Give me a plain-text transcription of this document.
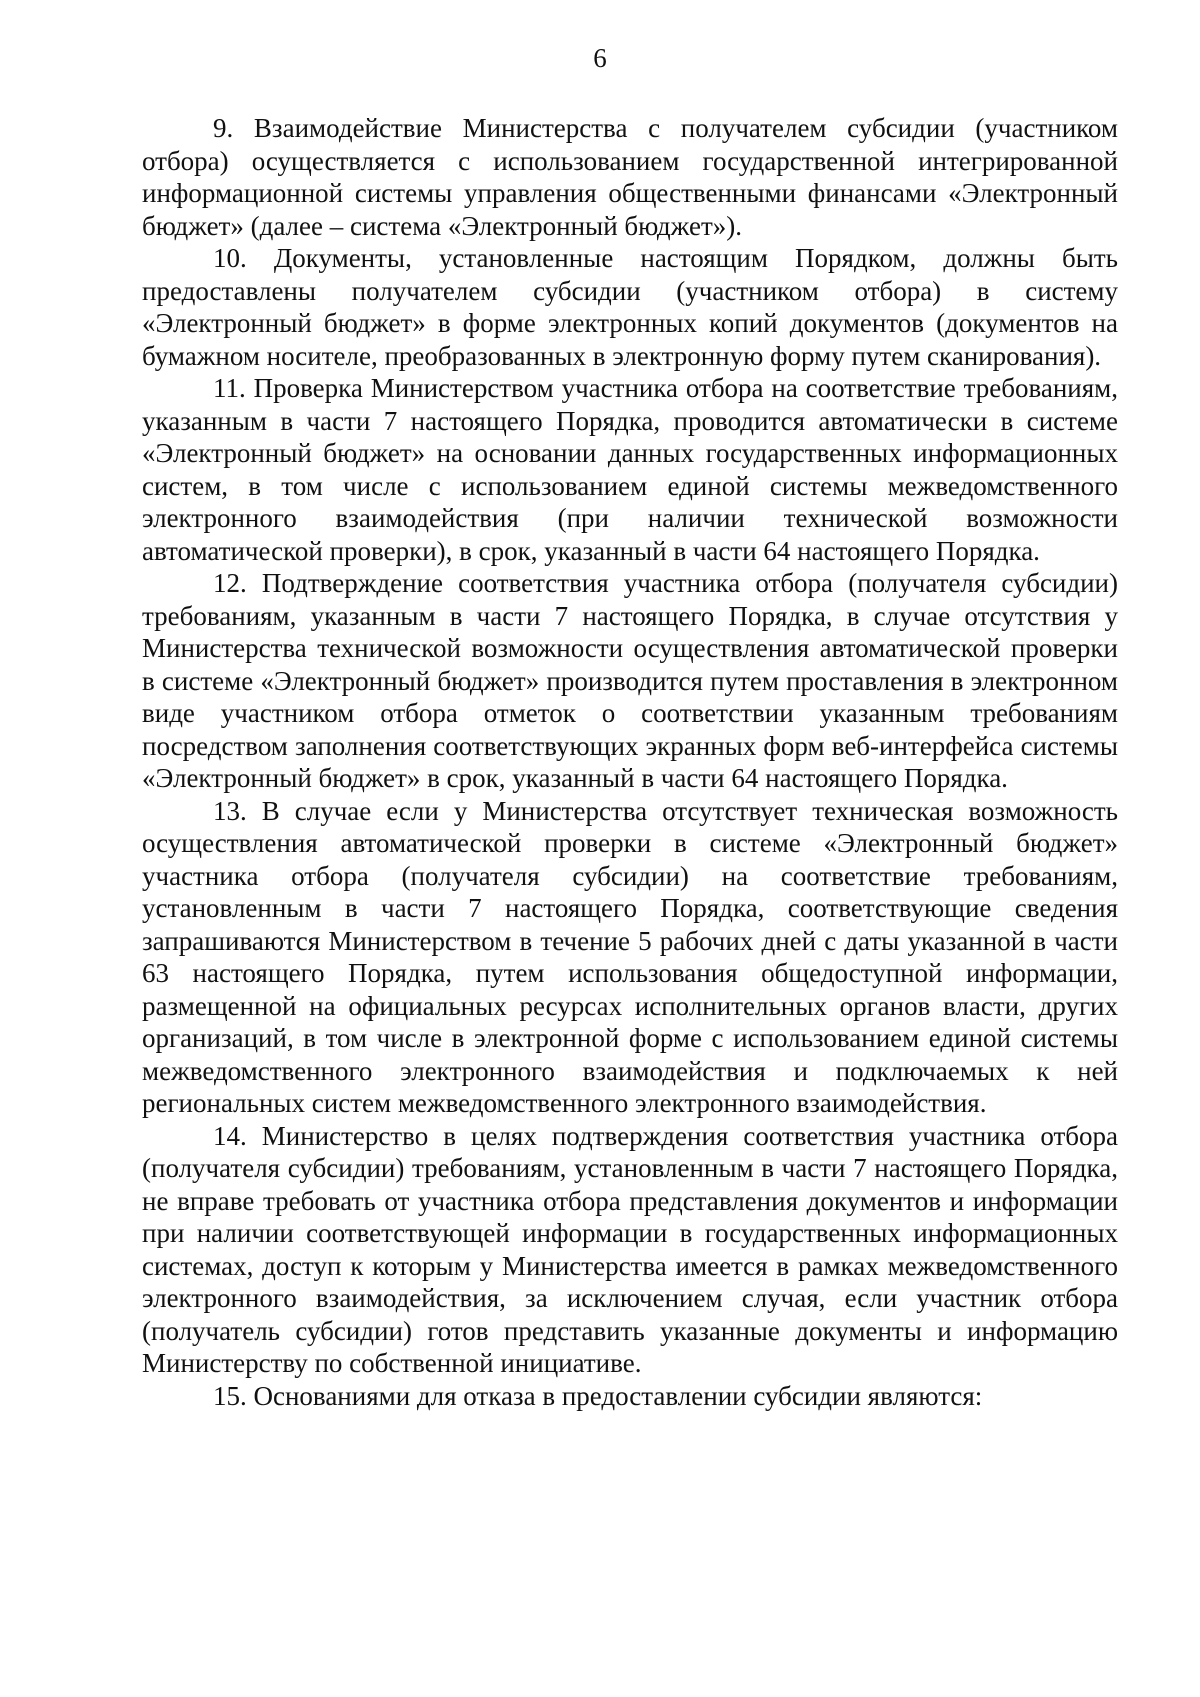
6

9. Взаимодействие Министерства с получателем субсидии (участником отбора) осуществляется с использованием государственной интегрированной информационной системы управления общественными финансами «Электронный бюджет» (далее – система «Электронный бюджет»).

10. Документы, установленные настоящим Порядком, должны быть предоставлены получателем субсидии (участником отбора) в систему «Электронный бюджет» в форме электронных копий документов (документов на бумажном носителе, преобразованных в электронную форму путем сканирования).

11. Проверка Министерством участника отбора на соответствие требованиям, указанным в части 7 настоящего Порядка, проводится автоматически в системе «Электронный бюджет» на основании данных государственных информационных систем, в том числе с использованием единой системы межведомственного электронного взаимодействия (при наличии технической возможности автоматической проверки), в срок, указанный в части 64 настоящего Порядка.

12. Подтверждение соответствия участника отбора (получателя субсидии) требованиям, указанным в части 7 настоящего Порядка, в случае отсутствия у Министерства технической возможности осуществления автоматической проверки в системе «Электронный бюджет» производится путем проставления в электронном виде участником отбора отметок о соответствии указанным требованиям посредством заполнения соответствующих экранных форм веб-интерфейса системы «Электронный бюджет» в срок, указанный в части 64 настоящего Порядка.

13. В случае если у Министерства отсутствует техническая возможность осуществления автоматической проверки в системе «Электронный бюджет» участника отбора (получателя субсидии) на соответствие требованиям, установленным в части 7 настоящего Порядка, соответствующие сведения запрашиваются Министерством в течение 5 рабочих дней с даты указанной в части 63 настоящего Порядка, путем использования общедоступной информации, размещенной на официальных ресурсах исполнительных органов власти, других организаций, в том числе в электронной форме с использованием единой системы межведомственного электронного взаимодействия и подключаемых к ней региональных систем межведомственного электронного взаимодействия.

14. Министерство в целях подтверждения соответствия участника отбора (получателя субсидии) требованиям, установленным в части 7 настоящего Порядка, не вправе требовать от участника отбора представления документов и информации при наличии соответствующей информации в государственных информационных системах, доступ к которым у Министерства имеется в рамках межведомственного электронного взаимодействия, за исключением случая, если участник отбора (получатель субсидии) готов представить указанные документы и информацию Министерству по собственной инициативе.

15. Основаниями для отказа в предоставлении субсидии являются:
